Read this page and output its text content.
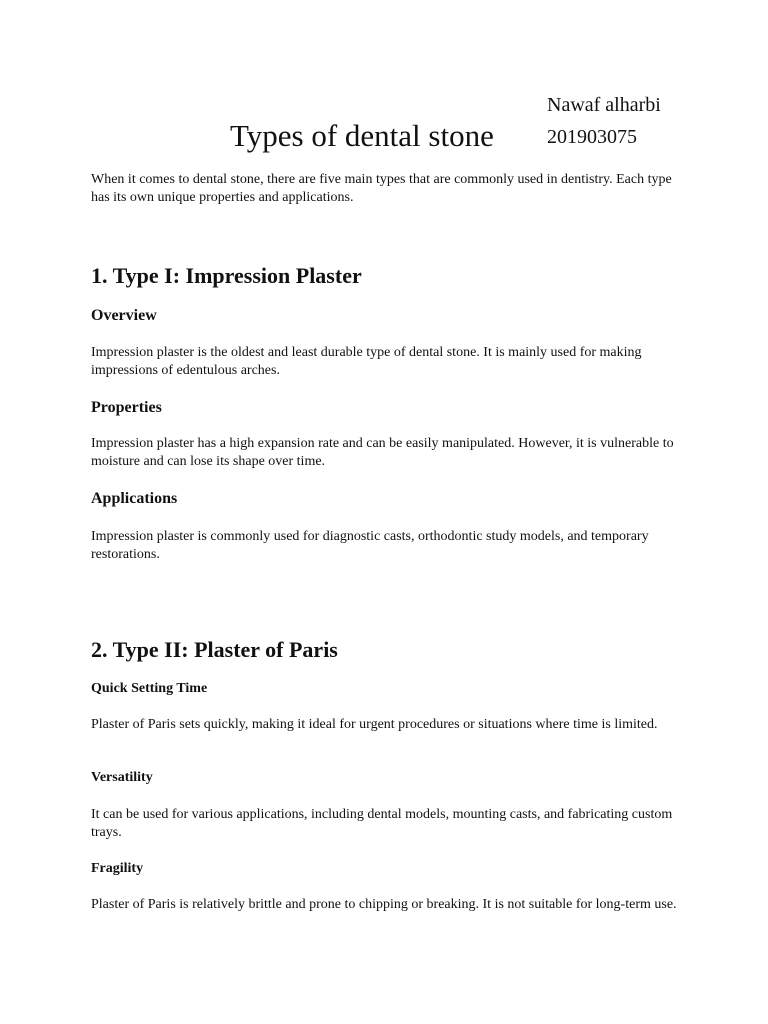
Nawaf alharbi

Types of dental stone	201903075

When it comes to dental stone, there are five main types that are commonly used in dentistry. Each type has its own unique properties and applications.

1. Type I: Impression Plaster
Overview

Impression plaster is the oldest and least durable type of dental stone. It is mainly used for making impressions of edentulous arches.

Properties

Impression plaster has a high expansion rate and can be easily manipulated. However, it is vulnerable to moisture and can lose its shape over time.

Applications

Impression plaster is commonly used for diagnostic casts, orthodontic study models, and temporary restorations.

2. Type II: Plaster of Paris
Quick Setting Time

Plaster of Paris sets quickly, making it ideal for urgent procedures or situations where time is limited.

Versatility

It can be used for various applications, including dental models, mounting casts, and fabricating custom trays.

Fragility

Plaster of Paris is relatively brittle and prone to chipping or breaking. It is not suitable for long-term use.
